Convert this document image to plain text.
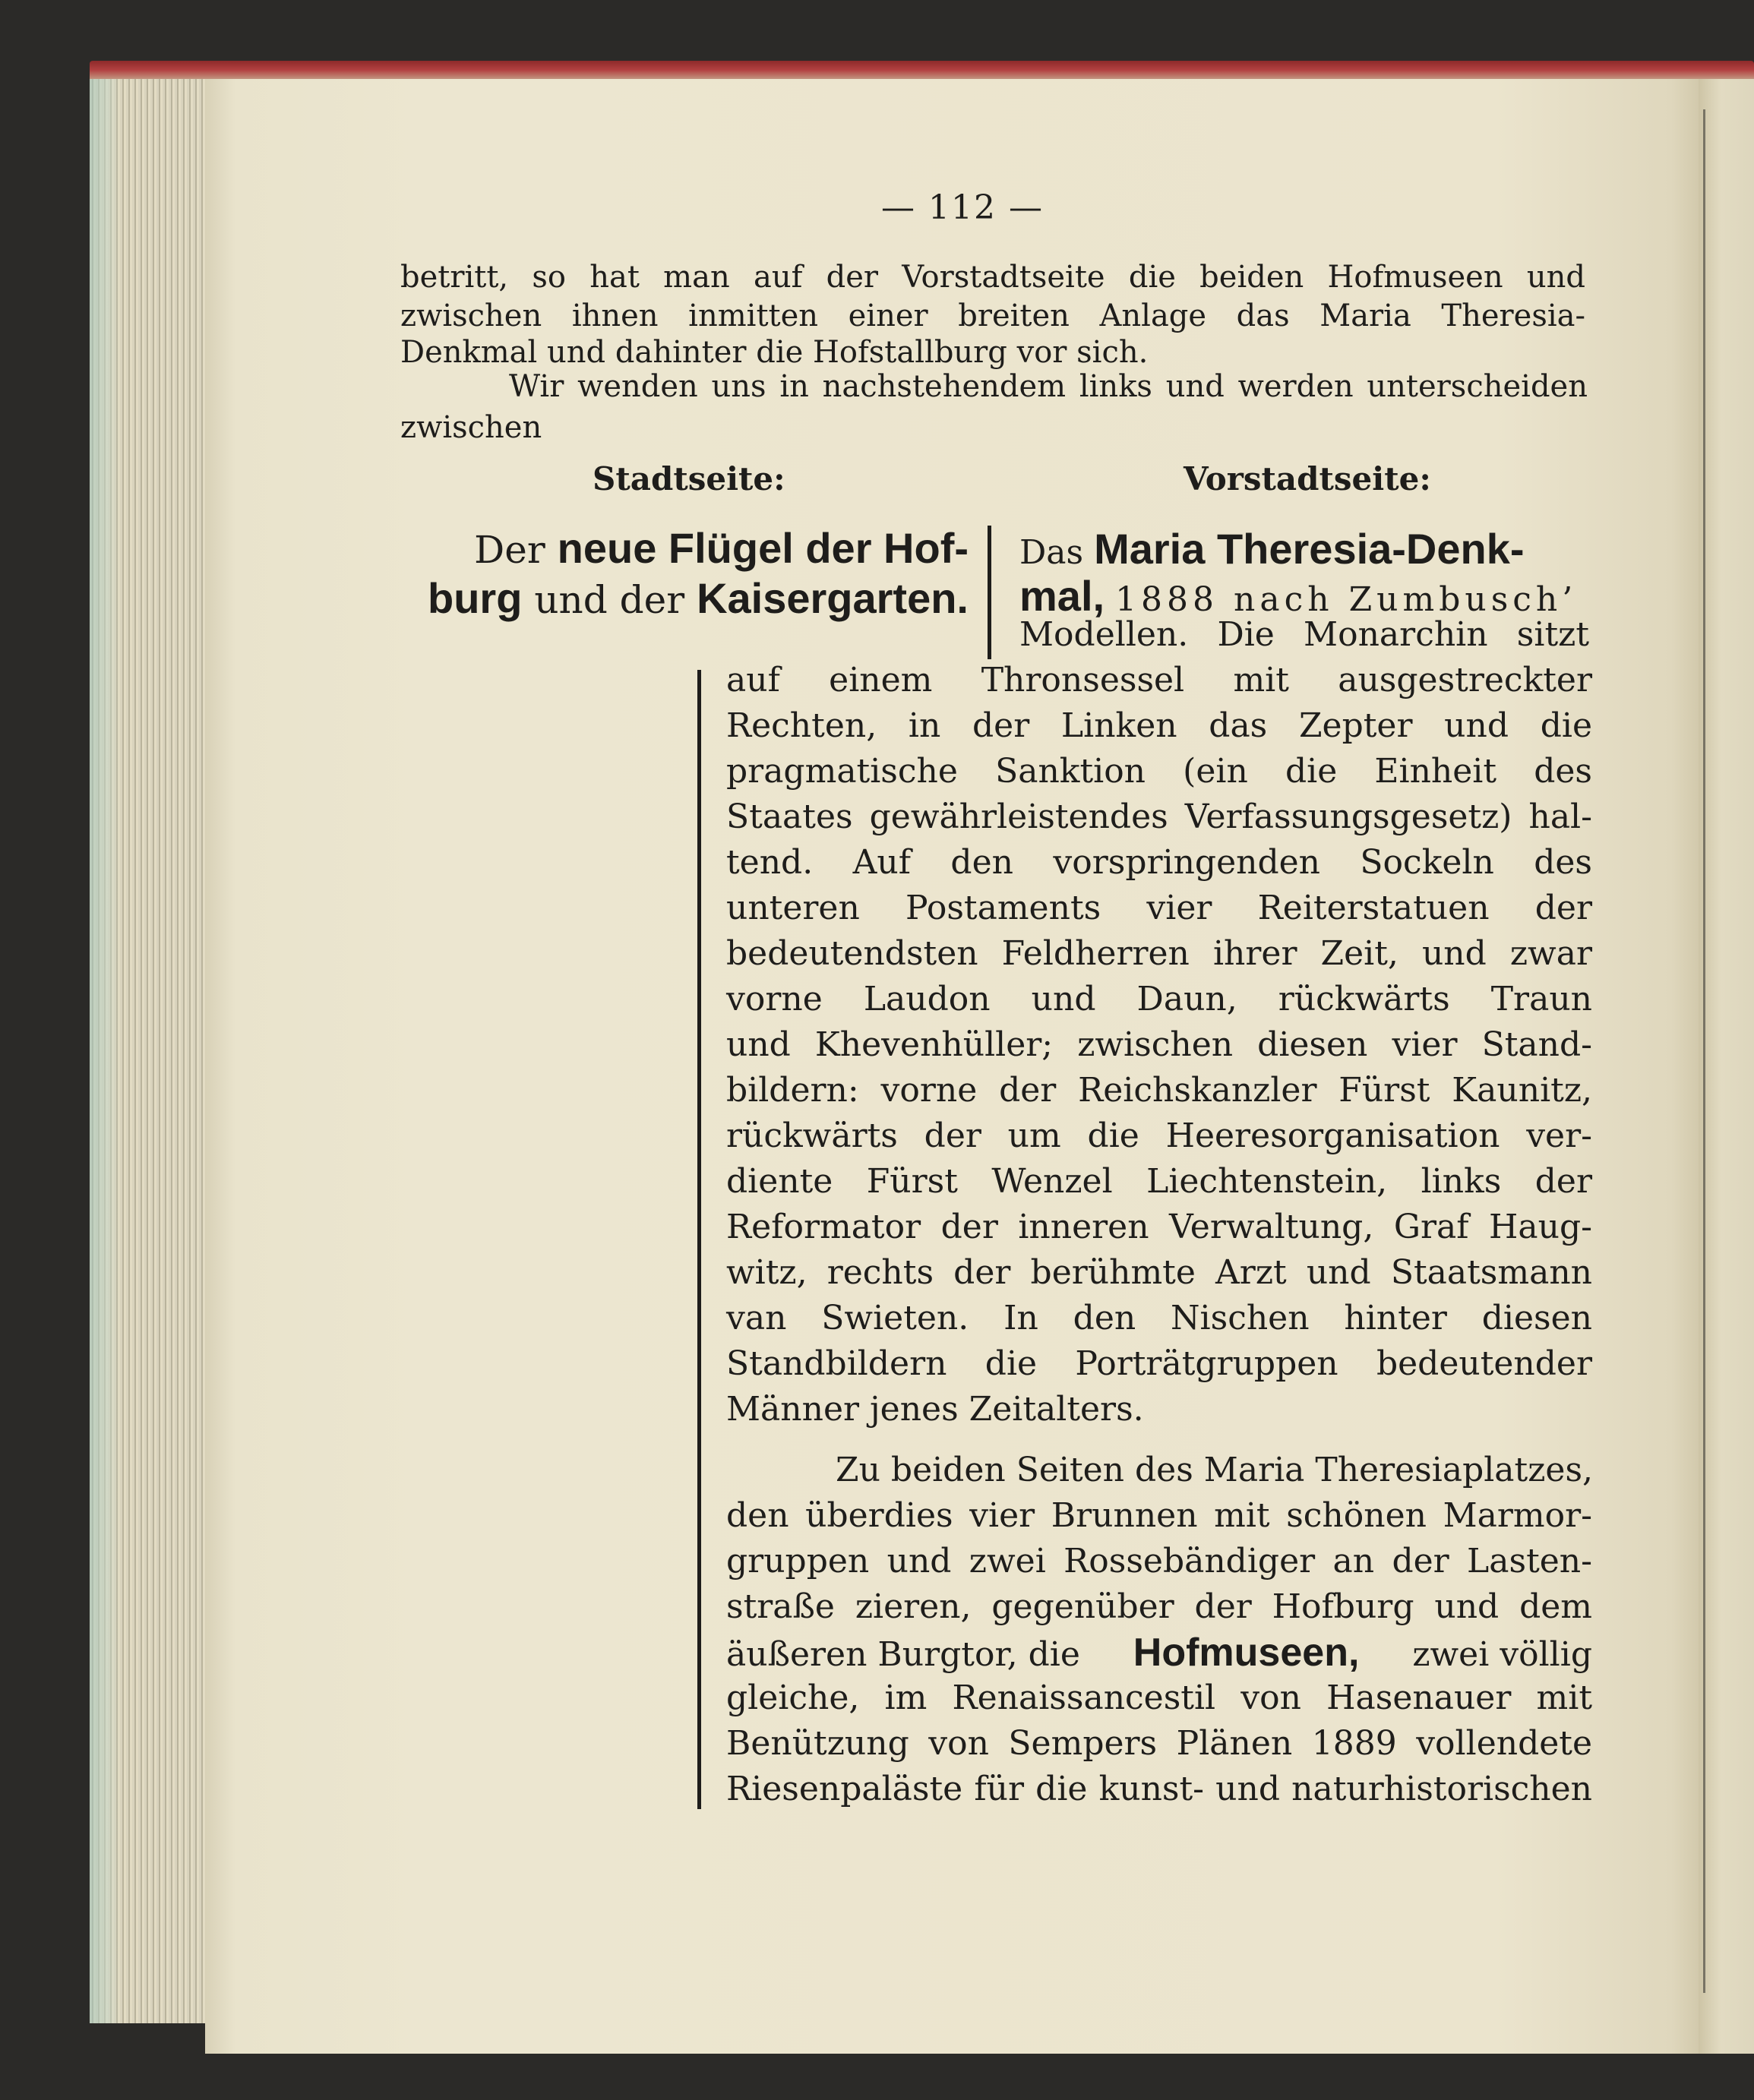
— 112 —
betritt, so hat man auf der Vorstadtseite die beiden Hofmuseen und
zwischen ihnen inmitten einer breiten Anlage das Maria Theresia-
Denkmal und dahinter die Hofstallburg vor sich.
Wir wenden uns in nachstehendem links und werden unterscheiden
zwischen
Stadtseite:	Vorstadtseite:
Der neue Flügel der Hof-
burg und der Kaisergarten.
Das Maria Theresia-Denk-
mal, 1888 nach Zumbusch’
Modellen. Die Monarchin sitzt
auf einem Thronsessel mit ausgestreckter
Rechten, in der Linken das Zepter und die
pragmatische Sanktion (ein die Einheit des
Staates gewährleistendes Verfassungsgesetz) hal-
tend. Auf den vorspringenden Sockeln des
unteren Postaments vier Reiterstatuen der
bedeutendsten Feldherren ihrer Zeit, und zwar
vorne Laudon und Daun, rückwärts Traun
und Khevenhüller; zwischen diesen vier Stand-
bildern: vorne der Reichskanzler Fürst Kaunitz,
rückwärts der um die Heeresorganisation ver-
diente Fürst Wenzel Liechtenstein, links der
Reformator der inneren Verwaltung, Graf Haug-
witz, rechts der berühmte Arzt und Staatsmann
van Swieten. In den Nischen hinter diesen
Standbildern die Porträtgruppen bedeutender
Männer jenes Zeitalters.
Zu beiden Seiten des Maria Theresiaplatzes,
den überdies vier Brunnen mit schönen Marmor-
gruppen und zwei Rossebändiger an der Lasten-
straße zieren, gegenüber der Hofburg und dem
äußeren Burgtor, die Hofmuseen, zwei völlig
gleiche, im Renaissancestil von Hasenauer mit
Benützung von Sempers Plänen 1889 vollendete
Riesenpaläste für die kunst- und naturhistorischen
